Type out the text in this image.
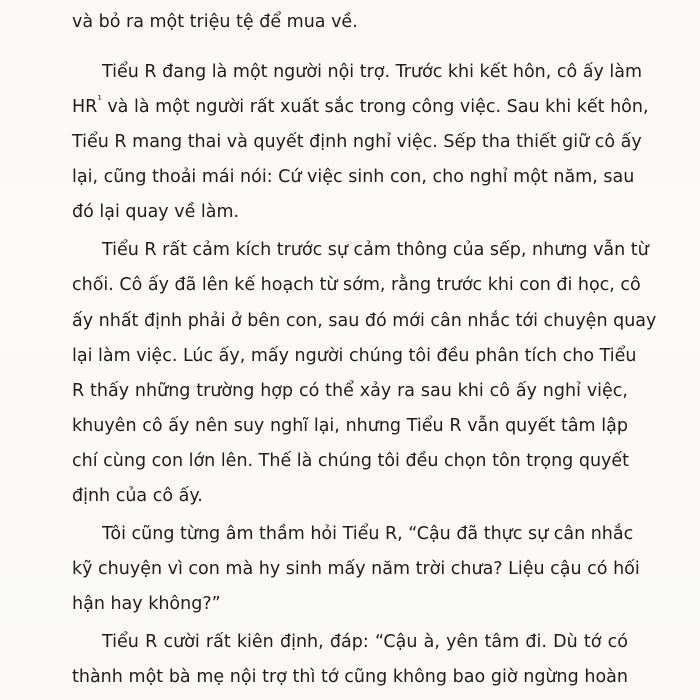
và bỏ ra một triệu tệ để mua về.
Tiểu R đang là một người nội trợ. Trước khi kết hôn, cô ấy làm
$HR^{^1}$ và là một người rất xuất sắc trong công việc. Sau khi kết hôn,
Tiểu R mang thai và quyết định nghỉ việc. Sếp tha thiết giữ cô ấy
lại, cũng thoải mái nói: Cứ việc sinh con, cho nghỉ một năm, sau
đó lại quay về làm.
Tiểu R rất cảm kích trước sự cảm thông của sếp, nhưng vẫn từ
chối. Cô ấy đã lên kế hoạch từ sớm, rằng trước khi con đi học, cô
ấy nhất định phải ở bên con, sau đó mới cân nhắc tới chuyện quay
lại làm việc. Lúc ấy, mấy người chúng tôi đều phân tích cho Tiểu
R thấy những trường hợp có thể xảy ra sau khi cô ấy nghỉ việc,
khuyên cô ấy nên suy nghĩ lại, nhưng Tiểu R vẫn quyết tâm lập
chí cùng con lớn lên. Thế là chúng tôi đều chọn tôn trọng quyết
định của cô ấy.
Tôi cũng từng âm thầm hỏi Tiểu R, “Cậu đã thực sự cân nhắc
kỹ chuyện vì con mà hy sinh mấy năm trời chưa? Liệu cậu có hối
hận hay không?”
Tiểu R cười rất kiên định, đáp: “Cậu à, yên tâm đi. Dù tớ có
thành một bà mẹ nội trợ thì tớ cũng không bao giờ ngừng hoàn
